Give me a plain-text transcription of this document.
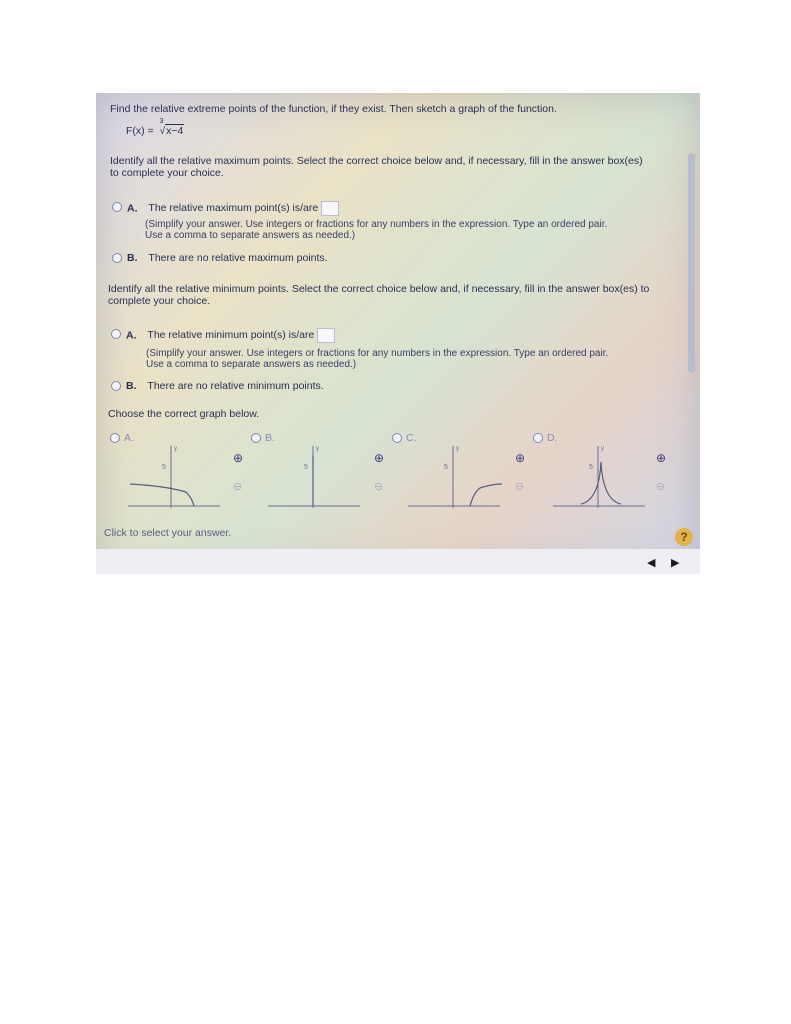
Find the relative extreme points of the function, if they exist. Then sketch a graph of the function.
F(x) =
3
√x−4
Identify all the relative maximum points. Select the correct choice below and, if necessary, fill in the answer box(es)
to complete your choice.
A. The relative maximum point(s) is/are
(Simplify your answer. Use integers or fractions for any numbers in the expression. Type an ordered pair.
Use a comma to separate answers as needed.)
B. There are no relative maximum points.
Identify all the relative minimum points. Select the correct choice below and, if necessary, fill in the answer box(es) to
complete your choice.
A. The relative minimum point(s) is/are
(Simplify your answer. Use integers or fractions for any numbers in the expression. Type an ordered pair.
Use a comma to separate answers as needed.)
B. There are no relative minimum points.
Choose the correct graph below.
A.
5
y
⊕
⊖
B.
5
y
⊕
⊖
C.
5
y
⊕
⊖
D.
5
y
⊕
⊖
Click to select your answer.	?
◀ ▶
